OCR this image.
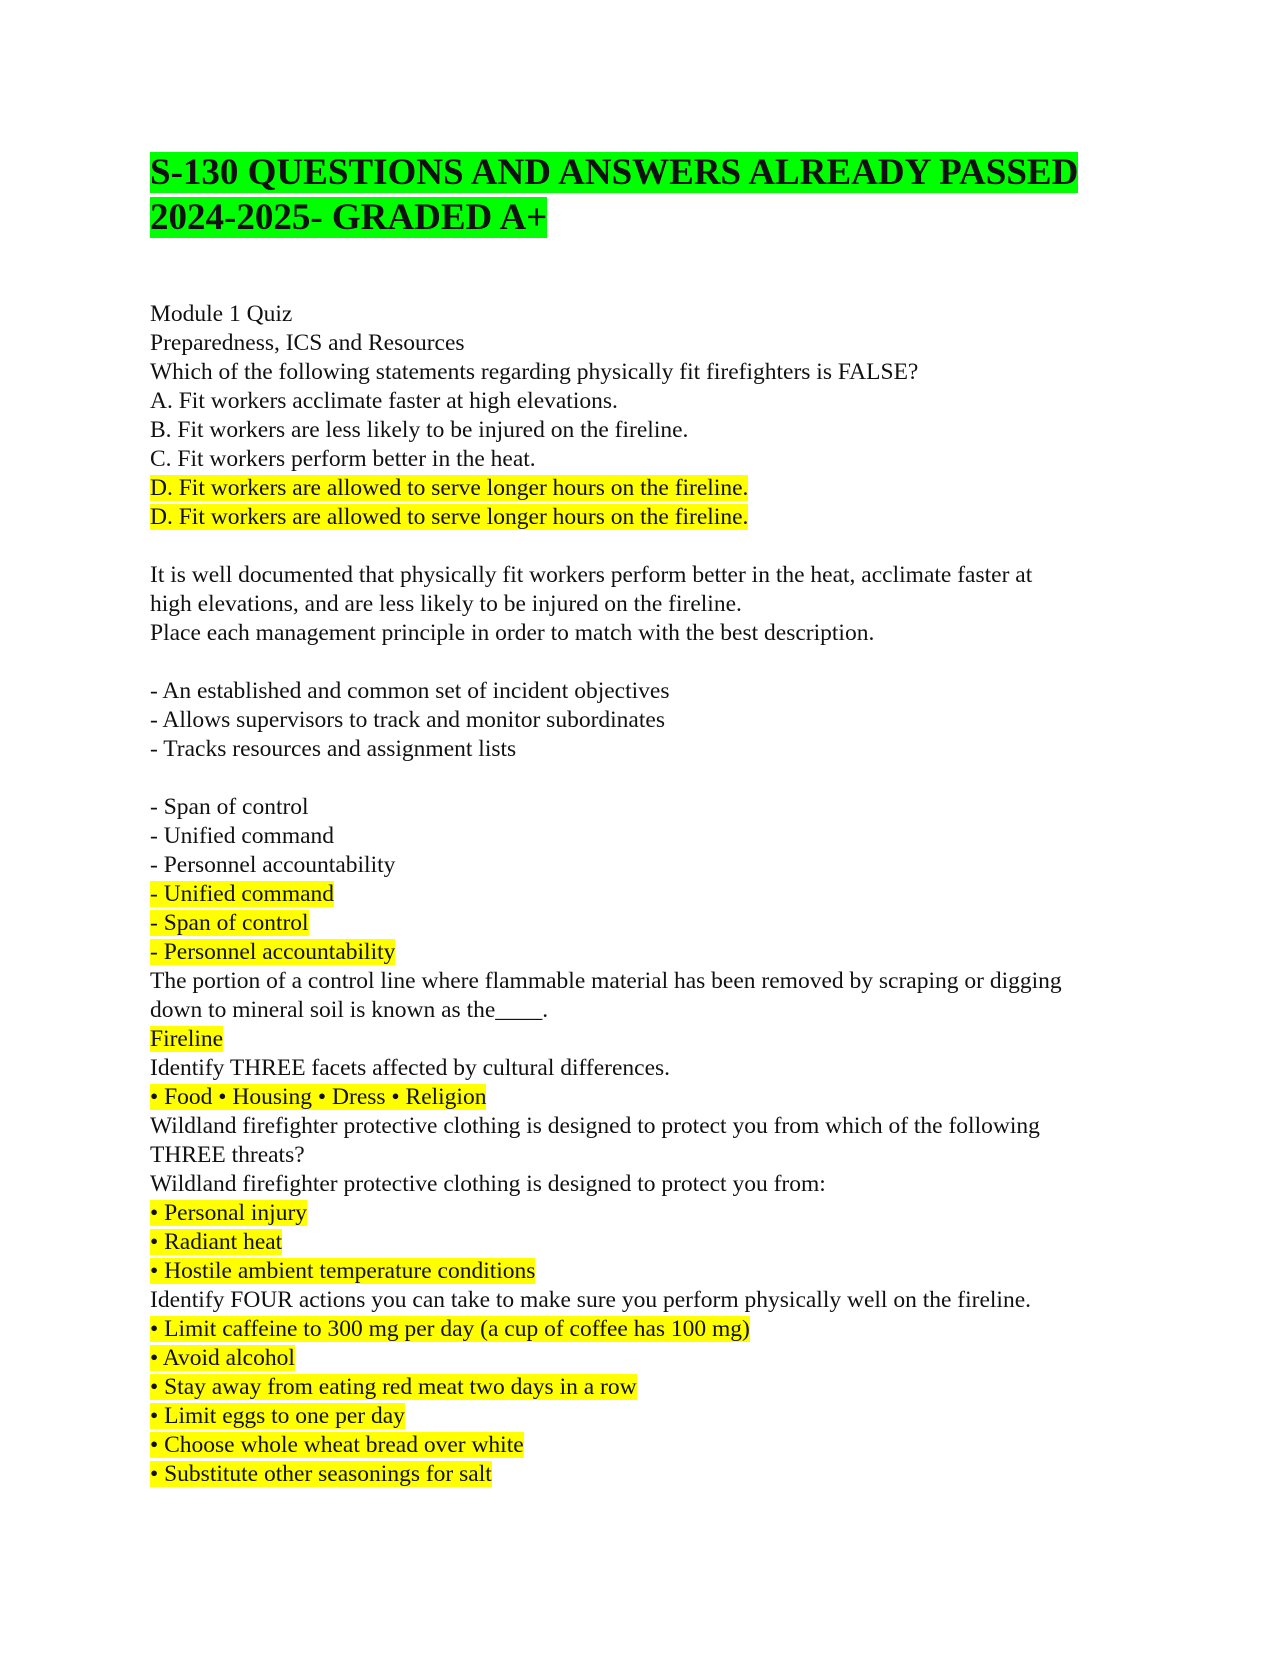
S-130 QUESTIONS AND ANSWERS ALREADY PASSED
2024-2025- GRADED A+
Module 1 Quiz
Preparedness, ICS and Resources
Which of the following statements regarding physically fit firefighters is FALSE?
A. Fit workers acclimate faster at high elevations.
B. Fit workers are less likely to be injured on the fireline.
C. Fit workers perform better in the heat.
D. Fit workers are allowed to serve longer hours on the fireline.
D. Fit workers are allowed to serve longer hours on the fireline.
It is well documented that physically fit workers perform better in the heat, acclimate faster at
high elevations, and are less likely to be injured on the fireline.
Place each management principle in order to match with the best description.
- An established and common set of incident objectives
- Allows supervisors to track and monitor subordinates
- Tracks resources and assignment lists
- Span of control
- Unified command
- Personnel accountability
- Unified command
- Span of control
- Personnel accountability
The portion of a control line where flammable material has been removed by scraping or digging
down to mineral soil is known as the____.
Fireline
Identify THREE facets affected by cultural differences.
• Food • Housing • Dress • Religion
Wildland firefighter protective clothing is designed to protect you from which of the following
THREE threats?
Wildland firefighter protective clothing is designed to protect you from:
• Personal injury
• Radiant heat
• Hostile ambient temperature conditions
Identify FOUR actions you can take to make sure you perform physically well on the fireline.
• Limit caffeine to 300 mg per day (a cup of coffee has 100 mg)
• Avoid alcohol
• Stay away from eating red meat two days in a row
• Limit eggs to one per day
• Choose whole wheat bread over white
• Substitute other seasonings for salt
